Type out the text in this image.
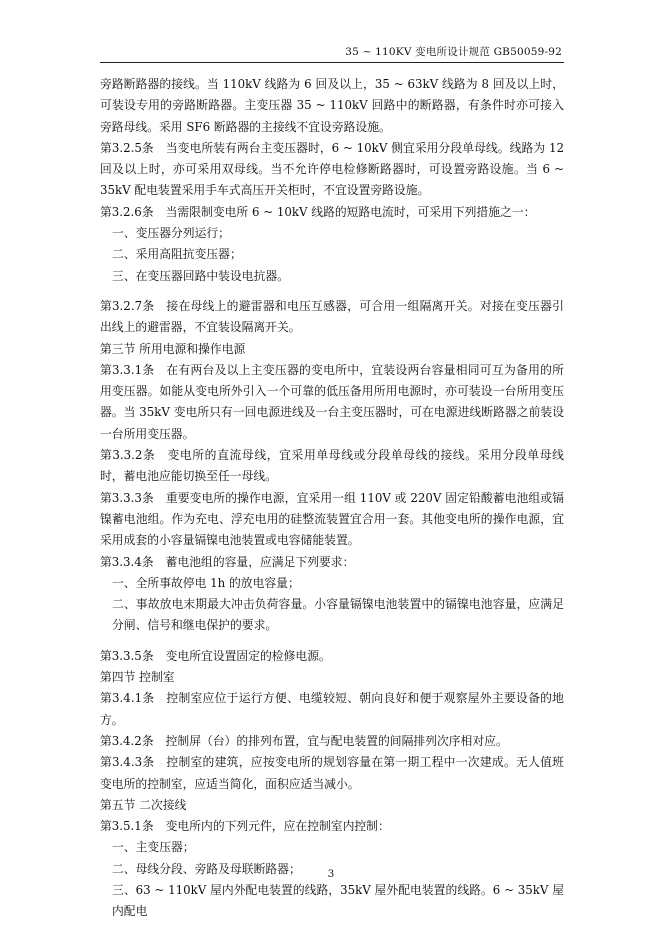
35 ~ 110KV 变电所设计规范 GB50059-92

旁路断路器的接线。当 110kV 线路为 6 回及以上，35 ~ 63kV 线路为 8 回及以上时，可装设专用的旁路断路器。主变压器 35 ~ 110kV 回路中的断路器，有条件时亦可接入旁路母线。采用 SF6 断路器的主接线不宜设旁路设施。

第3.2.5条 当变电所装有两台主变压器时，6 ~ 10kV 侧宜采用分段单母线。线路为 12 回及以上时，亦可采用双母线。当不允许停电检修断路器时，可设置旁路设施。当 6 ~ 35kV 配电装置采用手车式高压开关柜时，不宜设置旁路设施。

第3.2.6条 当需限制变电所 6 ~ 10kV 线路的短路电流时，可采用下列措施之一：

一、变压器分列运行；

二、采用高阻抗变压器；

三、在变压器回路中装设电抗器。

第3.2.7条 接在母线上的避雷器和电压互感器，可合用一组隔离开关。对接在变压器引出线上的避雷器，不宜装设隔离开关。

第三节 所用电源和操作电源

第3.3.1条 在有两台及以上主变压器的变电所中，宜装设两台容量相同可互为备用的所用变压器。如能从变电所外引入一个可靠的低压备用所用电源时，亦可装设一台所用变压器。当 35kV 变电所只有一回电源进线及一台主变压器时，可在电源进线断路器之前装设一台所用变压器。

第3.3.2条 变电所的直流母线，宜采用单母线或分段单母线的接线。采用分段单母线时，蓄电池应能切换至任一母线。

第3.3.3条 重要变电所的操作电源，宜采用一组 110V 或 220V 固定铅酸蓄电池组或镉镍蓄电池组。作为充电、浮充电用的硅整流装置宜合用一套。其他变电所的操作电源，宜采用成套的小容量镉镍电池装置或电容储能装置。

第3.3.4条 蓄电池组的容量，应满足下列要求：

一、全所事故停电 1h 的放电容量；

二、事故放电末期最大冲击负荷容量。小容量镉镍电池装置中的镉镍电池容量，应满足分闸、信号和继电保护的要求。

第3.3.5条 变电所宜设置固定的检修电源。

第四节 控制室

第3.4.1条 控制室应位于运行方便、电缆较短、朝向良好和便于观察屋外主要设备的地方。

第3.4.2条 控制屏（台）的排列布置，宜与配电装置的间隔排列次序相对应。

第3.4.3条 控制室的建筑，应按变电所的规划容量在第一期工程中一次建成。无人值班变电所的控制室，应适当简化，面积应适当减小。

第五节 二次接线

第3.5.1条 变电所内的下列元件，应在控制室内控制：

一、主变压器；

二、母线分段、旁路及母联断路器；

三、63 ~ 110kV 屋内外配电装置的线路，35kV 屋外配电装置的线路。6 ~ 35kV 屋内配电

3
